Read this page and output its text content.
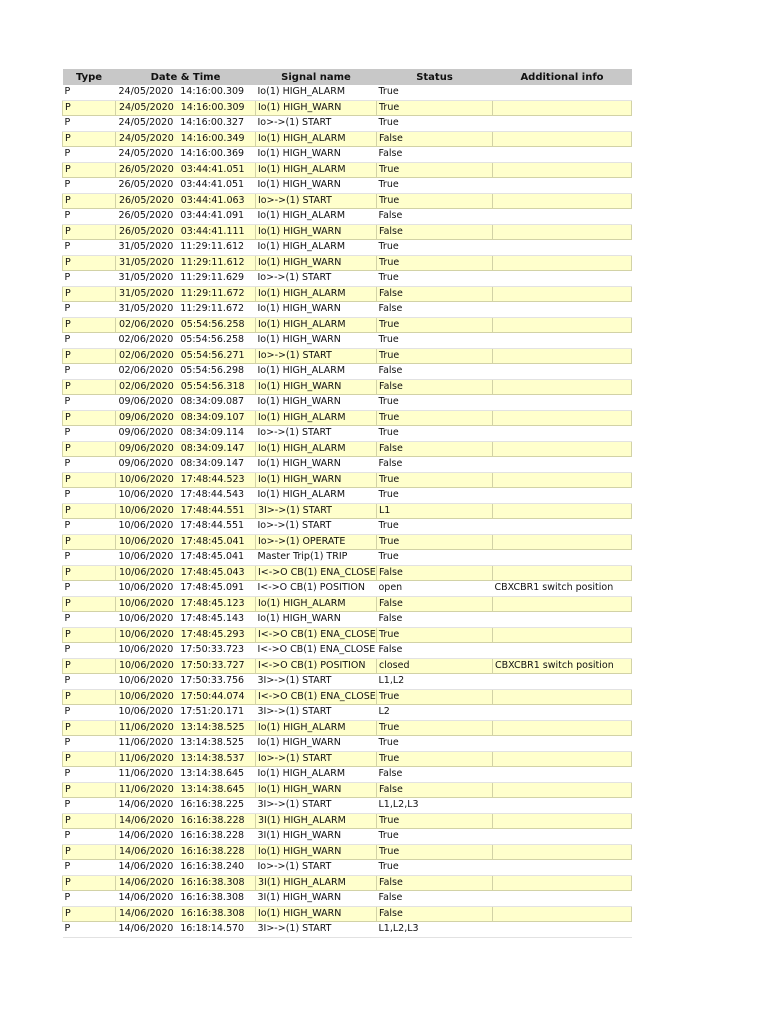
Type	Date & Time	Signal name	Status	Additional info
P	24/05/2020 14:16:00.309	Io(1) HIGH_ALARM	True	
P	24/05/2020 14:16:00.309	Io(1) HIGH_WARN	True	
P	24/05/2020 14:16:00.327	Io>->(1) START	True	
P	24/05/2020 14:16:00.349	Io(1) HIGH_ALARM	False	
P	24/05/2020 14:16:00.369	Io(1) HIGH_WARN	False	
P	26/05/2020 03:44:41.051	Io(1) HIGH_ALARM	True	
P	26/05/2020 03:44:41.051	Io(1) HIGH_WARN	True	
P	26/05/2020 03:44:41.063	Io>->(1) START	True	
P	26/05/2020 03:44:41.091	Io(1) HIGH_ALARM	False	
P	26/05/2020 03:44:41.111	Io(1) HIGH_WARN	False	
P	31/05/2020 11:29:11.612	Io(1) HIGH_ALARM	True	
P	31/05/2020 11:29:11.612	Io(1) HIGH_WARN	True	
P	31/05/2020 11:29:11.629	Io>->(1) START	True	
P	31/05/2020 11:29:11.672	Io(1) HIGH_ALARM	False	
P	31/05/2020 11:29:11.672	Io(1) HIGH_WARN	False	
P	02/06/2020 05:54:56.258	Io(1) HIGH_ALARM	True	
P	02/06/2020 05:54:56.258	Io(1) HIGH_WARN	True	
P	02/06/2020 05:54:56.271	Io>->(1) START	True	
P	02/06/2020 05:54:56.298	Io(1) HIGH_ALARM	False	
P	02/06/2020 05:54:56.318	Io(1) HIGH_WARN	False	
P	09/06/2020 08:34:09.087	Io(1) HIGH_WARN	True	
P	09/06/2020 08:34:09.107	Io(1) HIGH_ALARM	True	
P	09/06/2020 08:34:09.114	Io>->(1) START	True	
P	09/06/2020 08:34:09.147	Io(1) HIGH_ALARM	False	
P	09/06/2020 08:34:09.147	Io(1) HIGH_WARN	False	
P	10/06/2020 17:48:44.523	Io(1) HIGH_WARN	True	
P	10/06/2020 17:48:44.543	Io(1) HIGH_ALARM	True	
P	10/06/2020 17:48:44.551	3I>->(1) START	L1	
P	10/06/2020 17:48:44.551	Io>->(1) START	True	
P	10/06/2020 17:48:45.041	Io>->(1) OPERATE	True	
P	10/06/2020 17:48:45.041	Master Trip(1) TRIP	True	
P	10/06/2020 17:48:45.043	I<->O CB(1) ENA_CLOSE	False	
P	10/06/2020 17:48:45.091	I<->O CB(1) POSITION	open	CBXCBR1 switch position
P	10/06/2020 17:48:45.123	Io(1) HIGH_ALARM	False	
P	10/06/2020 17:48:45.143	Io(1) HIGH_WARN	False	
P	10/06/2020 17:48:45.293	I<->O CB(1) ENA_CLOSE	True	
P	10/06/2020 17:50:33.723	I<->O CB(1) ENA_CLOSE	False	
P	10/06/2020 17:50:33.727	I<->O CB(1) POSITION	closed	CBXCBR1 switch position
P	10/06/2020 17:50:33.756	3I>->(1) START	L1,L2	
P	10/06/2020 17:50:44.074	I<->O CB(1) ENA_CLOSE	True	
P	10/06/2020 17:51:20.171	3I>->(1) START	L2	
P	11/06/2020 13:14:38.525	Io(1) HIGH_ALARM	True	
P	11/06/2020 13:14:38.525	Io(1) HIGH_WARN	True	
P	11/06/2020 13:14:38.537	Io>->(1) START	True	
P	11/06/2020 13:14:38.645	Io(1) HIGH_ALARM	False	
P	11/06/2020 13:14:38.645	Io(1) HIGH_WARN	False	
P	14/06/2020 16:16:38.225	3I>->(1) START	L1,L2,L3	
P	14/06/2020 16:16:38.228	3I(1) HIGH_ALARM	True	
P	14/06/2020 16:16:38.228	3I(1) HIGH_WARN	True	
P	14/06/2020 16:16:38.228	Io(1) HIGH_WARN	True	
P	14/06/2020 16:16:38.240	Io>->(1) START	True	
P	14/06/2020 16:16:38.308	3I(1) HIGH_ALARM	False	
P	14/06/2020 16:16:38.308	3I(1) HIGH_WARN	False	
P	14/06/2020 16:16:38.308	Io(1) HIGH_WARN	False	
P	14/06/2020 16:18:14.570	3I>->(1) START	L1,L2,L3	
